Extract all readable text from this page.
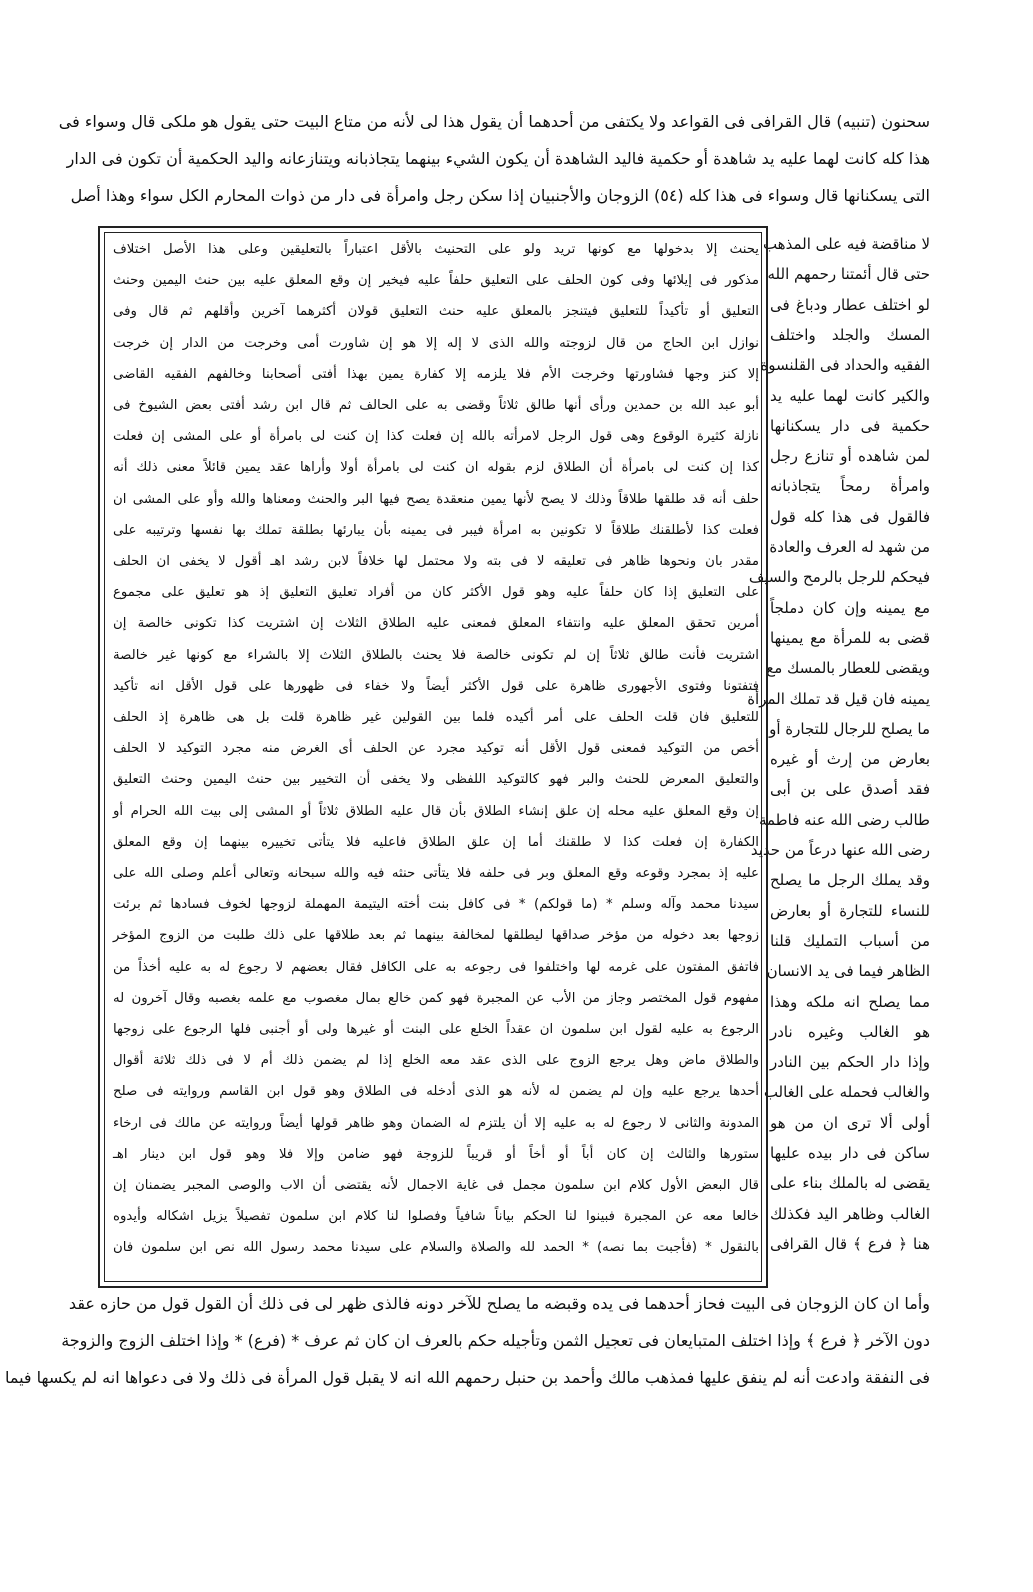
سحنون (تنبيه) قال القرافى فى القواعد ولا يكتفى من أحدهما أن يقول هذا لى لأنه من متاع البيت حتى يقول هو ملكى قال وسواء فى
هذا كله كانت لهما عليه يد شاهدة أو حكمية فاليد الشاهدة أن يكون الشيء بينهما يتجاذبانه ويتنازعانه واليد الحكمية أن تكون فى الدار
التى يسكنانها قال وسواء فى هذا كله (٥٤) الزوجان والأجنبيان إذا سكن رجل وامرأة فى دار من ذوات المحارم الكل سواء وهذا أصل
لا مناقضة فيه على المذهب
حتى قال أئمتنا رحمهم الله
لو اختلف عطار ودباغ فى
المسك والجلد واختلف
الفقيه والحداد فى القلنسوة
والكير كانت لهما عليه يد
حكمية فى دار يسكنانها
لمن شاهده أو تنازع رجل
وامرأة رمحاً يتجاذبانه
فالقول فى هذا كله قول
من شهد له العرف والعادة
فيحكم للرجل بالرمح والسيف
مع يمينه وإن كان دملجاً
قضى به للمرأة مع يمينها
ويقضى للعطار بالمسك مع
يمينه فان قيل قد تملك المرأة
ما يصلح للرجال للتجارة أو
بعارض من إرث أو غيره
فقد أصدق على بن أبى
طالب رضى الله عنه فاطمة
رضى الله عنها درعاً من حديد
وقد يملك الرجل ما يصلح
للنساء للتجارة أو بعارض
من أسباب التمليك قلنا
الظاهر فيما فى يد الانسان
مما يصلح انه ملكه وهذا
هو الغالب وغيره نادر
وإذا دار الحكم بين النادر
والغالب فحمله على الغالب
أولى ألا ترى ان من هو
ساكن فى دار بيده عليها
يقضى له بالملك بناء على
الغالب وظاهر اليد فكذلك
هنا ﴿ فرع ﴾ قال القرافى
يحنث إلا بدخولها مع كونها تريد ولو على التحنيث بالأقل اعتباراً بالتعليقين وعلى هذا الأصل اختلاف
مذكور فى إيلائها وفى كون الحلف على التعليق حلفاً عليه فيخير إن وقع المعلق عليه بين حنث اليمين وحنث
التعليق أو تأكيداً للتعليق فيتنجز بالمعلق عليه حنث التعليق قولان أكثرهما آخرين وأقلهم ثم قال وفى
نوازل ابن الحاج من قال لزوجته والله الذى لا إله إلا هو إن شاورت أمى وخرجت من الدار إن خرجت
إلا كنز وجها فشاورتها وخرجت الأم فلا يلزمه إلا كفارة يمين بهذا أفتى أصحابنا وخالفهم الفقيه القاضى
أبو عبد الله بن حمدين ورأى أنها طالق ثلاثاً وقضى به على الحالف ثم قال ابن رشد أفتى بعض الشيوخ فى
نازلة كثيرة الوقوع وهى قول الرجل لامرأته بالله إن فعلت كذا إن كنت لى بامرأة أو على المشى إن فعلت
كذا إن كنت لى بامرأة أن الطلاق لزم بقوله ان كنت لى بامرأة أولا وأراها عقد يمين قائلاً معنى ذلك أنه
حلف أنه قد طلقها طلاقاً وذلك لا يصح لأنها يمين منعقدة يصح فيها البر والحنث ومعناها والله وأو على المشى ان
فعلت كذا لأطلقنك طلاقاً لا تكونين به امرأة فيبر فى يمينه بأن يبارئها بطلقة تملك بها نفسها وترتيبه على
مقدر بان ونحوها ظاهر فى تعليقه لا فى بته ولا محتمل لها خلافاً لابن رشد اهـ أقول لا يخفى ان الحلف
على التعليق إذا كان حلفاً عليه وهو قول الأكثر كان من أفراد تعليق التعليق إذ هو تعليق على مجموع
أمرين تحقق المعلق عليه وانتفاء المعلق فمعنى عليه الطلاق الثلاث إن اشتريت كذا تكونى خالصة إن
اشتريت فأنت طالق ثلاثاً إن لم تكونى خالصة فلا يحنث بالطلاق الثلاث إلا بالشراء مع كونها غير خالصة
فتفتونا وفتوى الأجهورى ظاهرة على قول الأكثر أيضاً ولا خفاء فى ظهورها على قول الأقل انه تأكيد
للتعليق فان قلت الحلف على أمر أكيده فلما بين القولين غير ظاهرة قلت بل هى ظاهرة إذ الحلف
أخص من التوكيد فمعنى قول الأقل أنه توكيد مجرد عن الحلف أى الغرض منه مجرد التوكيد لا الحلف
والتعليق المعرض للحنث والبر فهو كالتوكيد اللفظى ولا يخفى أن التخيير بين حنث اليمين وحنث التعليق
إن وقع المعلق عليه محله إن علق إنشاء الطلاق بأن قال عليه الطلاق ثلاثاً أو المشى إلى بيت الله الحرام أو
الكفارة إن فعلت كذا لا طلقنك أما إن علق الطلاق فاعليه فلا يتأتى تخييره بينهما إن وقع المعلق
عليه إذ بمجرد وقوعه وقع المعلق وبر فى حلفه فلا يتأتى حنثه فيه والله سبحانه وتعالى أعلم وصلى الله على
سيدنا محمد وآله وسلم * (ما قولكم) * فى كافل بنت أخته اليتيمة المهملة لزوجها لخوف فسادها ثم برئت
زوجها بعد دخوله من مؤخر صداقها ليطلقها لمخالفة بينهما ثم بعد طلاقها على ذلك طلبت من الزوج المؤخر
فاتفق المفتون على غرمه لها واختلفوا فى رجوعه به على الكافل فقال بعضهم لا رجوع له به عليه أخذاً من
مفهوم قول المختصر وجاز من الأب عن المجبرة فهو كمن خالع بمال مغصوب مع علمه بغصبه وقال آخرون له
الرجوع به عليه لقول ابن سلمون ان عقداً الخلع على البنت أو غيرها ولى أو أجنبى فلها الرجوع على زوجها
والطلاق ماض وهل يرجع الزوج على الذى عقد معه الخلع إذا لم يضمن ذلك أم لا فى ذلك ثلاثة أقوال
أحدها يرجع عليه وإن لم يضمن له لأنه هو الذى أدخله فى الطلاق وهو قول ابن القاسم وروايته فى صلح
المدونة والثانى لا رجوع له به عليه إلا أن يلتزم له الضمان وهو ظاهر قولها أيضاً وروايته عن مالك فى ارخاء
ستورها والثالث إن كان أباً أو أخاً أو قريباً للزوجة فهو ضامن وإلا فلا وهو قول ابن دينار اهـ
قال البعض الأول كلام ابن سلمون مجمل فى غاية الاجمال لأنه يقتضى أن الاب والوصى المجبر يضمنان إن
خالعا معه عن المجبرة فبينوا لنا الحكم بياناً شافياً وفصلوا لنا كلام ابن سلمون تفصيلاً يزيل اشكاله وأيدوه
بالنقول * (فأجبت بما نصه) * الحمد لله والصلاة والسلام على سيدنا محمد رسول الله نص ابن سلمون فان
وأما ان كان الزوجان فى البيت فحاز أحدهما فى يده وقبضه ما يصلح للآخر دونه فالذى ظهر لى فى ذلك أن القول قول من حازه عقد
دون الآخر ﴿ فرع ﴾ وإذا اختلف المتبايعان فى تعجيل الثمن وتأجيله حكم بالعرف ان كان ثم عرف * (فرع) * وإذا اختلف الزوج والزوجة
فى النفقة وادعت أنه لم ينفق عليها فمذهب مالك وأحمد بن حنبل رحمهم الله انه لا يقبل قول المرأة فى ذلك ولا فى دعواها انه لم يكسها فيما
